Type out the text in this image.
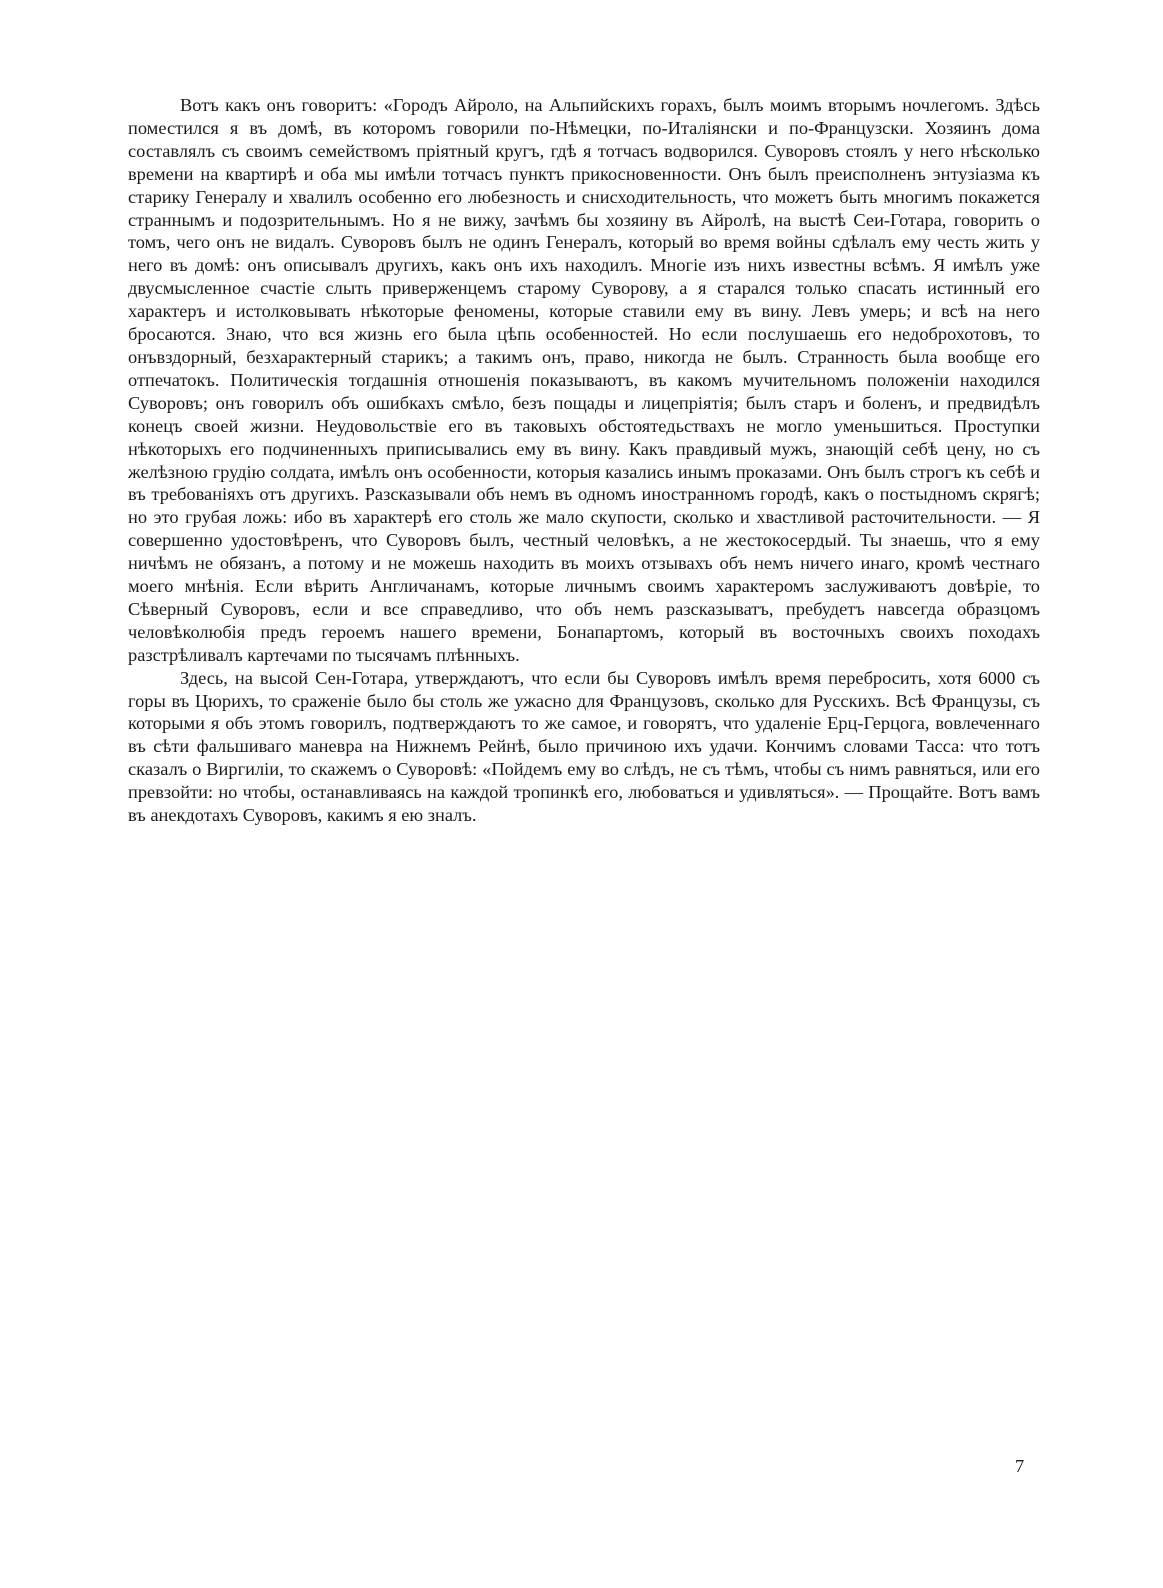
Вотъ какъ онъ говоритъ: «Городъ Айроло, на Альпийскихъ горахъ, былъ моимъ вторымъ ночлегомъ. Здѣсь поместился я въ домѣ, въ которомъ говорили по-Нѣмецки, по-Италіянски и по-Французски. Хозяинъ дома составлялъ съ своимъ семействомъ пріятный кругъ, гдѣ я тотчасъ водворился. Суворовъ стоялъ у него нѣсколько времени на квартирѣ и оба мы имѣли тотчасъ пунктъ прикосновенности. Онъ былъ преисполненъ энтузіазма къ старику Генералу и хвалилъ особенно его любезность и снисходительность, что можетъ быть многимъ покажется страннымъ и подозрительнымъ. Но я не вижу, зачѣмъ бы хозяину въ Айролѣ, на выстѣ Сеи-Готара, говорить о томъ, чего онъ не видалъ. Суворовъ былъ не одинъ Генералъ, который во время войны сдѣлалъ ему честь жить у него въ домѣ: онъ описывалъ другихъ, какъ онъ ихъ находилъ. Многіе изъ нихъ известны всѣмъ. Я имѣлъ уже двусмысленное счастіе слыть приверженцемъ старому Суворову, а я старался только спасать истинный его характеръ и истолковывать нѣкоторые феномены, которые ставили ему въ вину. Левъ умерь; и всѣ на него бросаются. Знаю, что вся жизнь его была цѣпь особенностей. Но если послушаешь его недоброхотовъ, то онъвздорный, безхарактерный старикъ; а такимъ онъ, право, никогда не былъ. Странность была вообще его отпечатокъ. Политическія тогдашнія отношенія показываютъ, въ какомъ мучительномъ положеніи находился Суворовъ; онъ говорилъ объ ошибкахъ смѣло, безъ пощады и лицепріятія; былъ старъ и боленъ, и предвидѣлъ конецъ своей жизни. Неудовольствіе его въ таковыхъ обстоятедьствахъ не могло уменьшиться. Проступки нѣкоторыхъ его подчиненныхъ приписывались ему въ вину. Какъ правдивый мужъ, знающій себѣ цену, но съ желѣзною грудію солдата, имѣлъ онъ особенности, которыя казались инымъ проказами. Онъ былъ строгъ къ себѣ и въ требованіяхъ отъ другихъ. Разсказывали объ немъ въ одномъ иностранномъ городѣ, какъ о постыдномъ скрягѣ; но это грубая ложь: ибо въ характерѣ его столь же мало скупости, сколько и хвастливой расточительности. — Я совершенно удостовѣренъ, что Суворовъ былъ, честный человѣкъ, а не жестокосердый. Ты знаешь, что я ему ничѣмъ не обязанъ, а потому и не можешь находить въ моихъ отзывахъ объ немъ ничего инаго, кромѣ честнаго моего мнѣнія. Если вѣрить Англичанамъ, которые личнымъ своимъ характеромъ заслуживаютъ довѣріе, то Сѣверный Суворовъ, если и все справедливо, что объ немъ разсказыватъ, пребудетъ навсегда образцомъ человѣколюбія предъ героемъ нашего времени, Бонапартомъ, который въ восточныхъ своихъ походахъ разстрѣливалъ картечами по тысячамъ плѣнныхъ.

Здесь, на высой Сен-Готара, утверждаютъ, что если бы Суворовъ имѣлъ время перебросить, хотя 6000 съ горы въ Цюрихъ, то сраженіе было бы столь же ужасно для Французовъ, сколько для Русскихъ. Всѣ Французы, съ которыми я объ этомъ говорилъ, подтверждаютъ то же самое, и говорятъ, что удаленіе Ерц-Герцога, вовлеченнаго въ сѣти фальшиваго маневра на Нижнемъ Рейнѣ, было причиною ихъ удачи. Кончимъ словами Тасса: что тотъ сказалъ о Виргиліи, то скажемъ о Суворовѣ: «Пойдемъ ему во слѣдъ, не съ тѣмъ, чтобы съ нимъ равняться, или его превзойти: но чтобы, останавливаясь на каждой тропинкѣ его, любоваться и удивляться». — Прощайте. Вотъ вамъ въ анекдотахъ Суворовъ, какимъ я ею зналъ.

7
